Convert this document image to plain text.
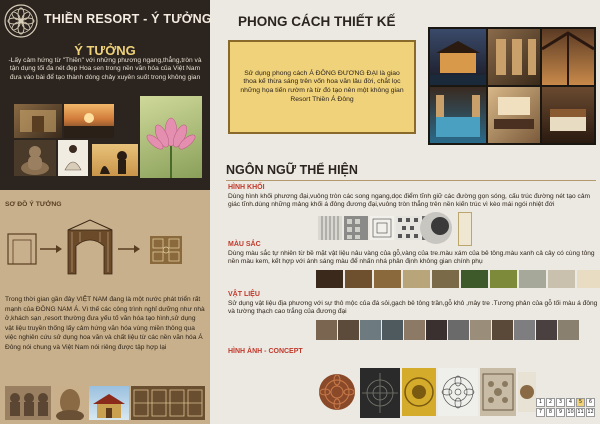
THIỀN RESORT - Ý TƯỞNG
Ý TƯỞNG
-Lấy cảm hứng từ "Thiền" với những phương ngang,thẳng,tròn và tận dụng tối đa nét đẹp Hoa sen trong nền văn hóa của Việt Nam đưa vào bài để tạo thành dòng chảy xuyên suốt trong không gian
SƠ ĐỒ Ý TƯỞNG
Trong thời gian gần đây VIỆT NAM đang là một nước phát triển rất mạnh của ĐÔNG NAM Á. Vì thế các công trình nghỉ dưỡng như nhà ở,khách sạn ,resort thường đưa yếu tố văn hóa tạo hình,sử dụng vật liệu truyền thống lấy cảm hứng văn hóa vùng miền thông qua việc nghiên cứu sử dụng hoa văn và chất liệu từ các nền văn hóa Á Đông nói chung và Việt Nam nói riêng được tập hợp lại
PHONG CÁCH THIẾT KẾ
Sử dụng phong cách Á ĐÔNG ĐƯƠNG ĐẠI là giao thoa kế thừa sáng trên vốn hoa văn lâu đời, chắt lọc những họa tiến rườm rà từ đó tạo nên một không gian Resort Thiền Á Đông
NGÔN NGỮ THỂ HIỆN
HÌNH KHỐI
Dùng hình khối phương đại,vuông tròn các song ngang,dọc điểm tĩnh giữ các đường gọn sóng, cấu trúc đường nét tạo cảm giác tĩnh.dùng những mảng khối á đông đương đại,vuông tròn thẳng trên nền kiến trúc vì kèo mái ngói nhiệt đới
MÀU SẮC
Dùng màu sắc tự nhiên từ bề mặt vật liệu nâu vàng của gỗ,vàng của tre.màu xám của bê tông.màu xanh cả cây có cùng tông nền màu kem, kết hợp với ánh sáng màu để nhấn nhá phân định không gian chính phụ
VẬT LIỆU
Sử dụng vật liệu địa phương với sự thô mộc của đá sỏi,gạch bê tông trần,gỗ khô ,mây tre .Tương phản của gỗ tối màu á đông và tường thạch cao trắng của đương đại
HÌNH ẢNH - CONCEPT
1	2	3	4	5	6
7	8	9	10 11 12
